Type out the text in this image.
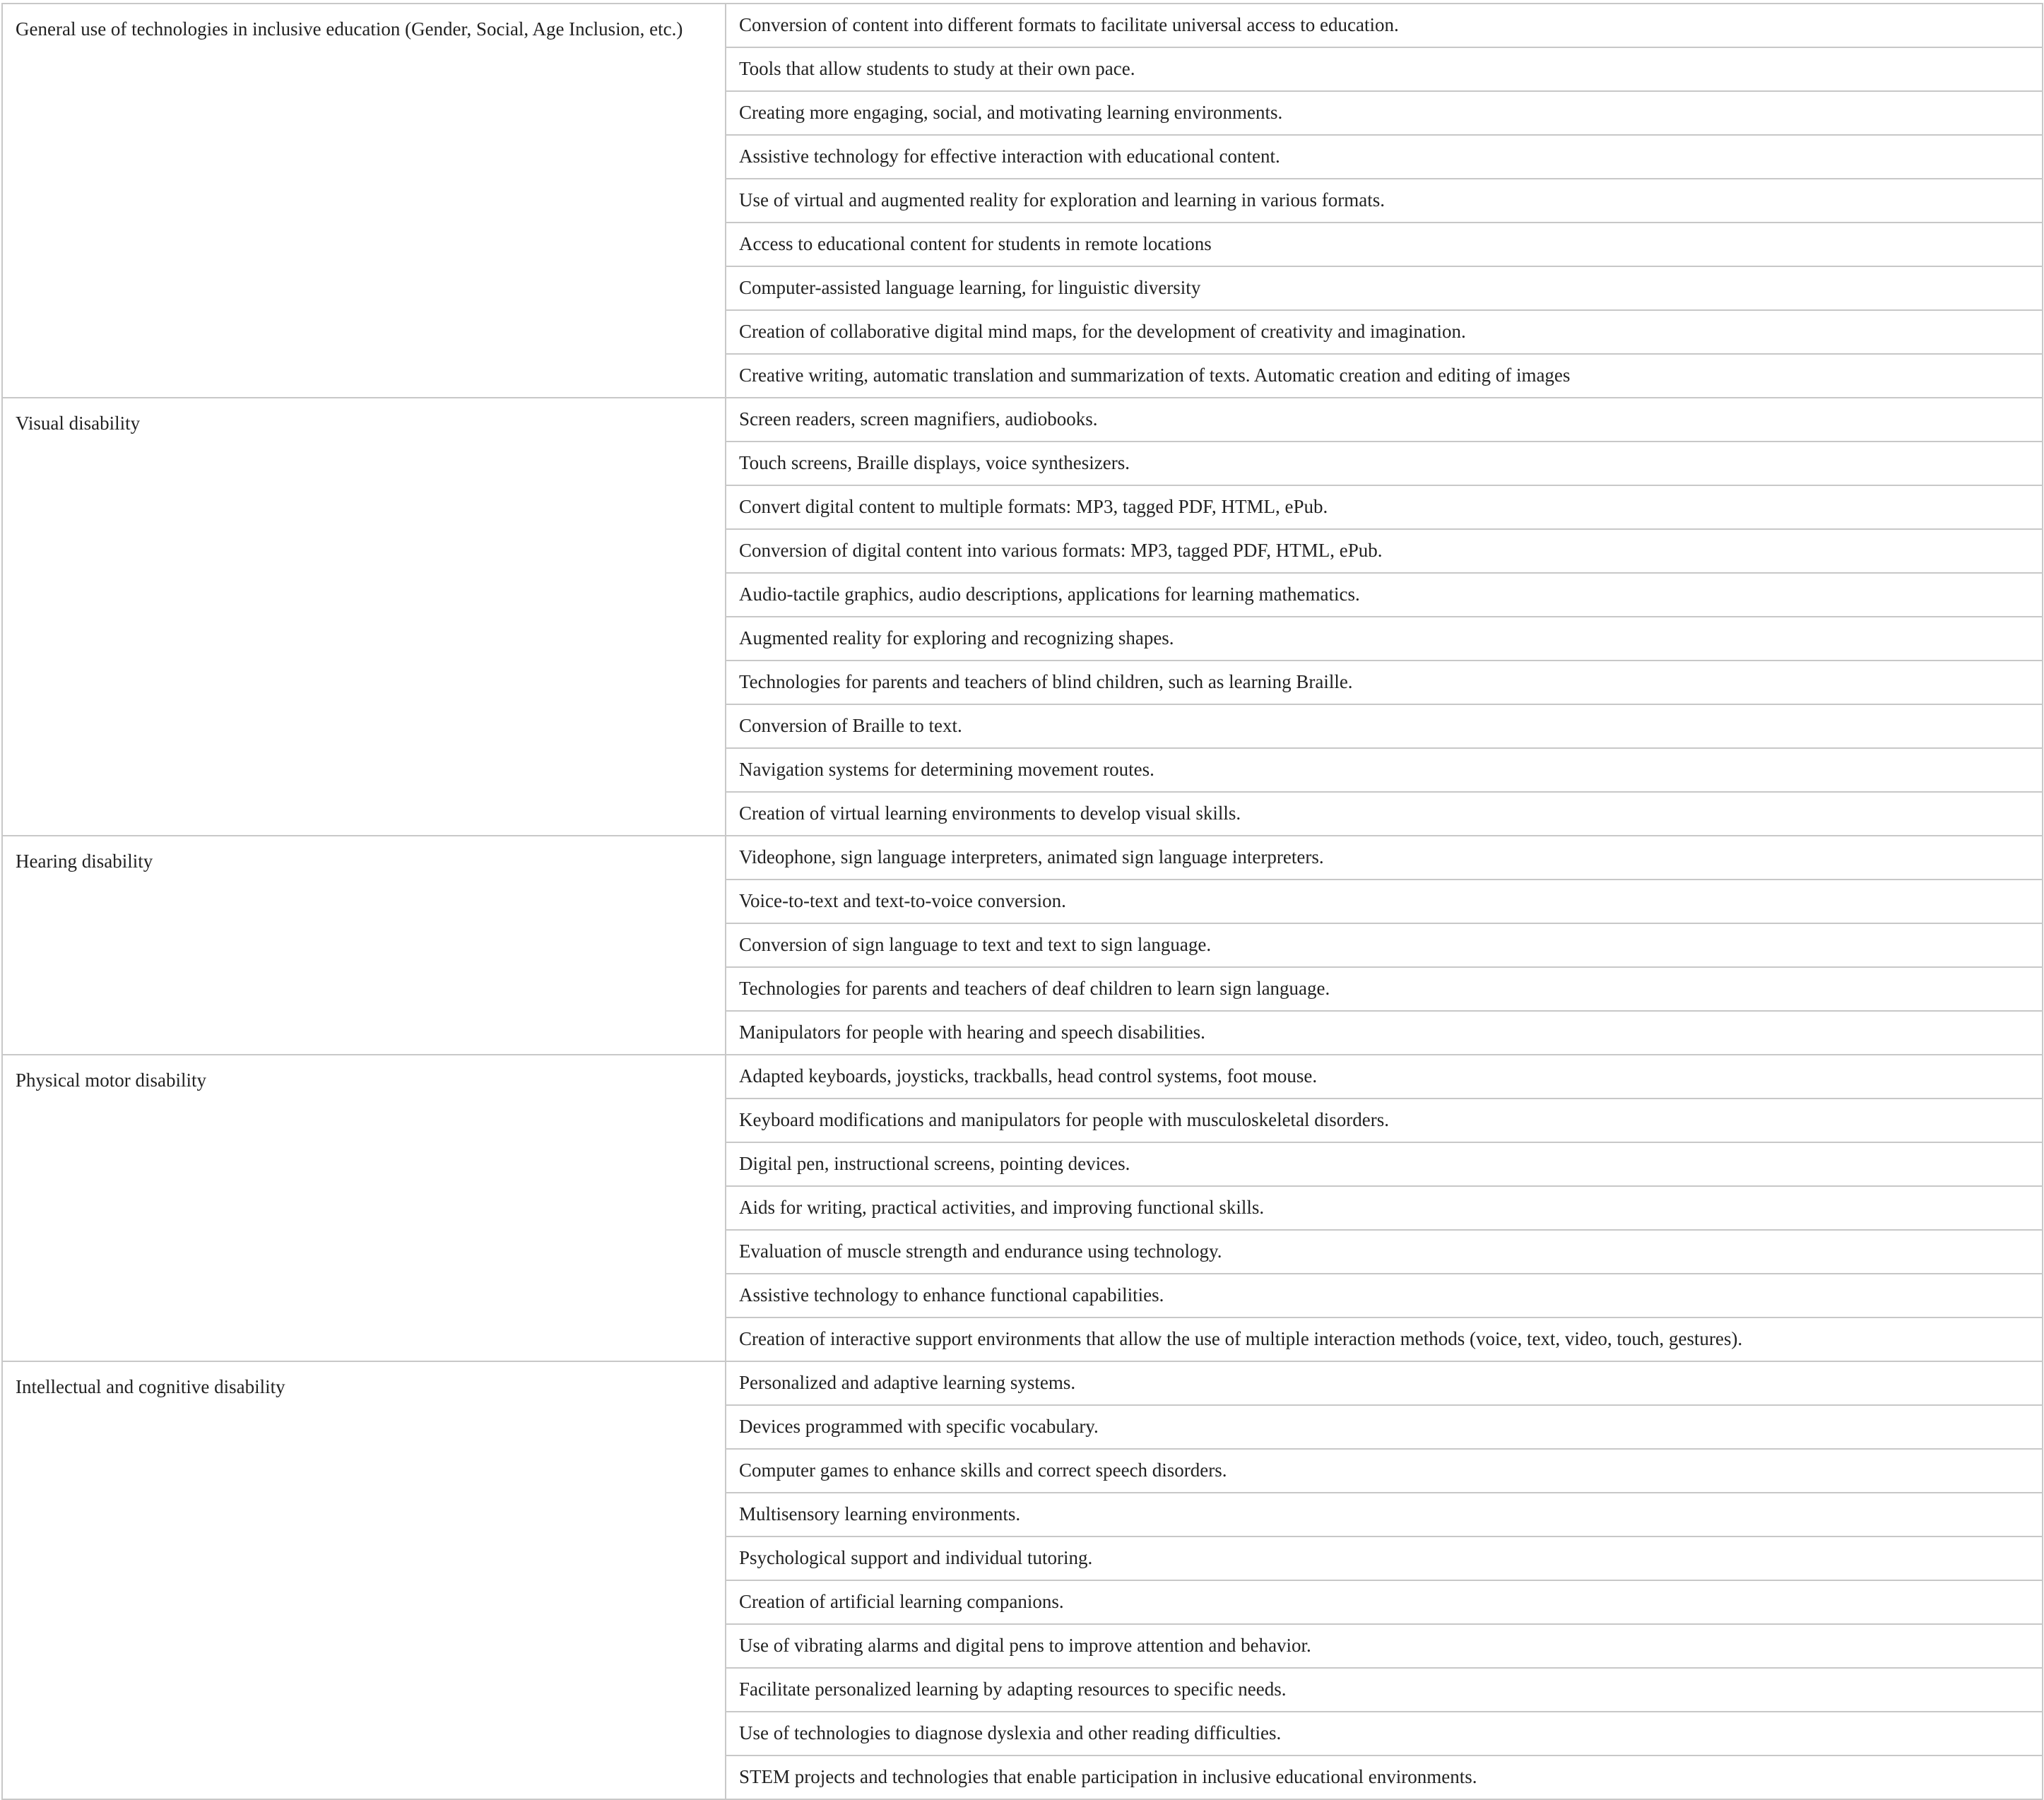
General use of technologies in inclusive education (Gender, Social, Age Inclusion, etc.)	Conversion of content into different formats to facilitate universal access to education.
	Tools that allow students to study at their own pace.
	Creating more engaging, social, and motivating learning environments.
	Assistive technology for effective interaction with educational content.
	Use of virtual and augmented reality for exploration and learning in various formats.
	Access to educational content for students in remote locations
	Computer-assisted language learning, for linguistic diversity
	Creation of collaborative digital mind maps, for the development of creativity and imagination.
	Creative writing, automatic translation and summarization of texts. Automatic creation and editing of images
Visual disability	Screen readers, screen magnifiers, audiobooks.
	Touch screens, Braille displays, voice synthesizers.
	Convert digital content to multiple formats: MP3, tagged PDF, HTML, ePub.
	Conversion of digital content into various formats: MP3, tagged PDF, HTML, ePub.
	Audio-tactile graphics, audio descriptions, applications for learning mathematics.
	Augmented reality for exploring and recognizing shapes.
	Technologies for parents and teachers of blind children, such as learning Braille.
	Conversion of Braille to text.
	Navigation systems for determining movement routes.
	Creation of virtual learning environments to develop visual skills.
Hearing disability	Videophone, sign language interpreters, animated sign language interpreters.
	Voice-to-text and text-to-voice conversion.
	Conversion of sign language to text and text to sign language.
	Technologies for parents and teachers of deaf children to learn sign language.
	Manipulators for people with hearing and speech disabilities.
Physical motor disability	Adapted keyboards, joysticks, trackballs, head control systems, foot mouse.
	Keyboard modifications and manipulators for people with musculoskeletal disorders.
	Digital pen, instructional screens, pointing devices.
	Aids for writing, practical activities, and improving functional skills.
	Evaluation of muscle strength and endurance using technology.
	Assistive technology to enhance functional capabilities.
	Creation of interactive support environments that allow the use of multiple interaction methods (voice, text, video, touch, gestures).
Intellectual and cognitive disability	Personalized and adaptive learning systems.
	Devices programmed with specific vocabulary.
	Computer games to enhance skills and correct speech disorders.
	Multisensory learning environments.
	Psychological support and individual tutoring.
	Creation of artificial learning companions.
	Use of vibrating alarms and digital pens to improve attention and behavior.
	Facilitate personalized learning by adapting resources to specific needs.
	Use of technologies to diagnose dyslexia and other reading difficulties.
	STEM projects and technologies that enable participation in inclusive educational environments.
